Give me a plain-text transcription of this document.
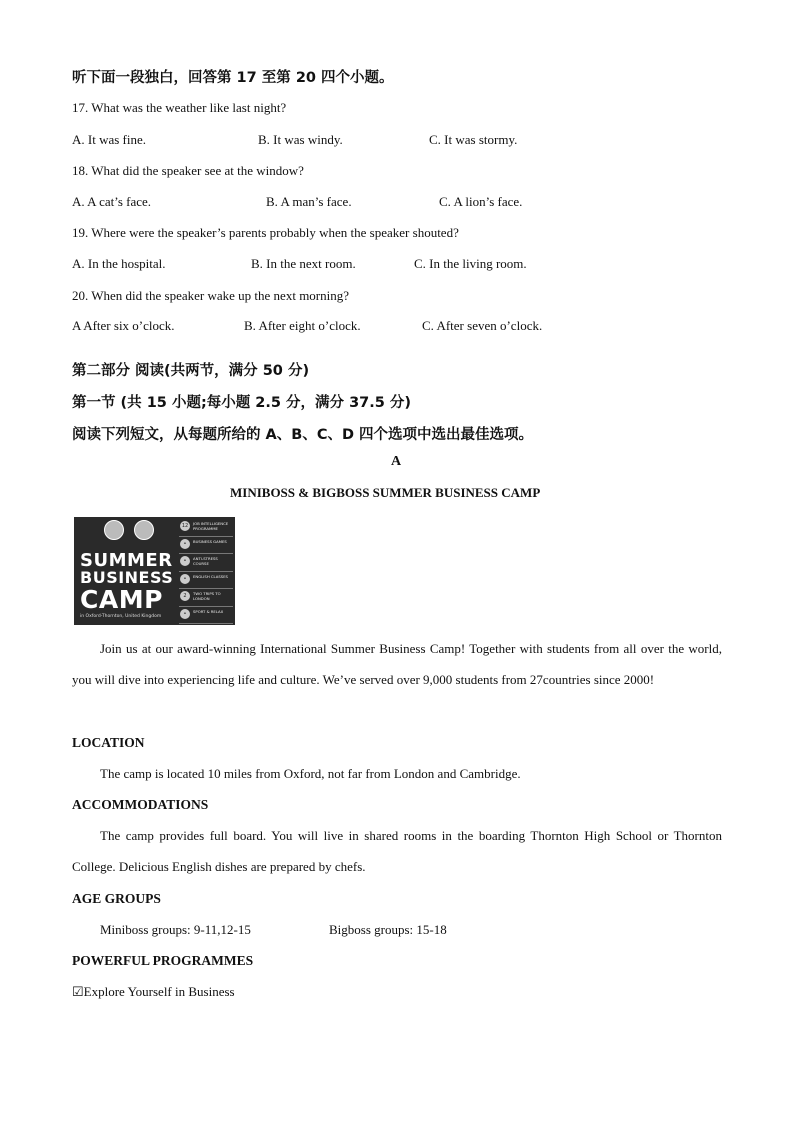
听下面一段独白，回答第 17 至第 20 四个小题。
17. What was the weather like last night?
A. It was fine.	B. It was windy.	C. It was stormy.
18. What did the speaker see at the window?
A. A cat’s face.	B. A man’s face.	C. A lion’s face.
19. Where were the speaker’s parents probably when the speaker shouted?
A. In the hospital.	B. In the next room.	C. In the living room.
20. When did the speaker wake up the next morning?
A After six o’clock.	B. After eight o’clock.	C. After seven o’clock.
第二部分 阅读(共两节，满分 50 分)
第一节 (共 15 小题;每小题 2.5 分，满分 37.5 分)
阅读下列短文，从每题所给的 A、B、C、D 四个选项中选出最佳选项。
A
MINIBOSS & BIGBOSS SUMMER BUSINESS CAMP
SUMMER
BUSINESS
CAMP
in Oxford-Thornton, United Kingdom
12	JOB INTELLIGENCE PROGRAMME
•	BUSINESS GAMES
•	ANTI-STRESS COURSE
•	ENGLISH CLASSES
2	TWO TRIPS TO LONDON
•	SPORT & RELAX
Join us at our award-winning International Summer Business Camp! Together with students from all over the world, you will dive into experiencing life and culture. We’ve served over 9,000 students from 27countries since 2000!
LOCATION
The camp is located 10 miles from Oxford, not far from London and Cambridge.
ACCOMMODATIONS
The camp provides full board. You will live in shared rooms in the boarding Thornton High School or Thornton College. Delicious English dishes are prepared by chefs.
AGE GROUPS
Miniboss groups: 9-11,12-15	Bigboss groups: 15-18
POWERFUL PROGRAMMES
☑Explore Yourself in Business
